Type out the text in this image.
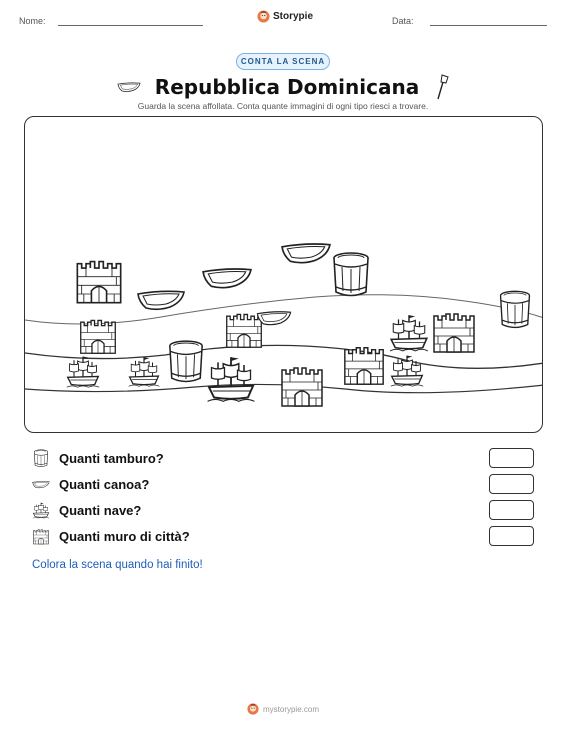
Nome:	Storypie	Data:
CONTA LA SCENA
Repubblica Dominicana
Guarda la scena affollata. Conta quante immagini di ogni tipo riesci a trovare.
Quanti tamburo?
Quanti canoa?
Quanti nave?
Quanti muro di città?
Colora la scena quando hai finito!
mystorypie.com
